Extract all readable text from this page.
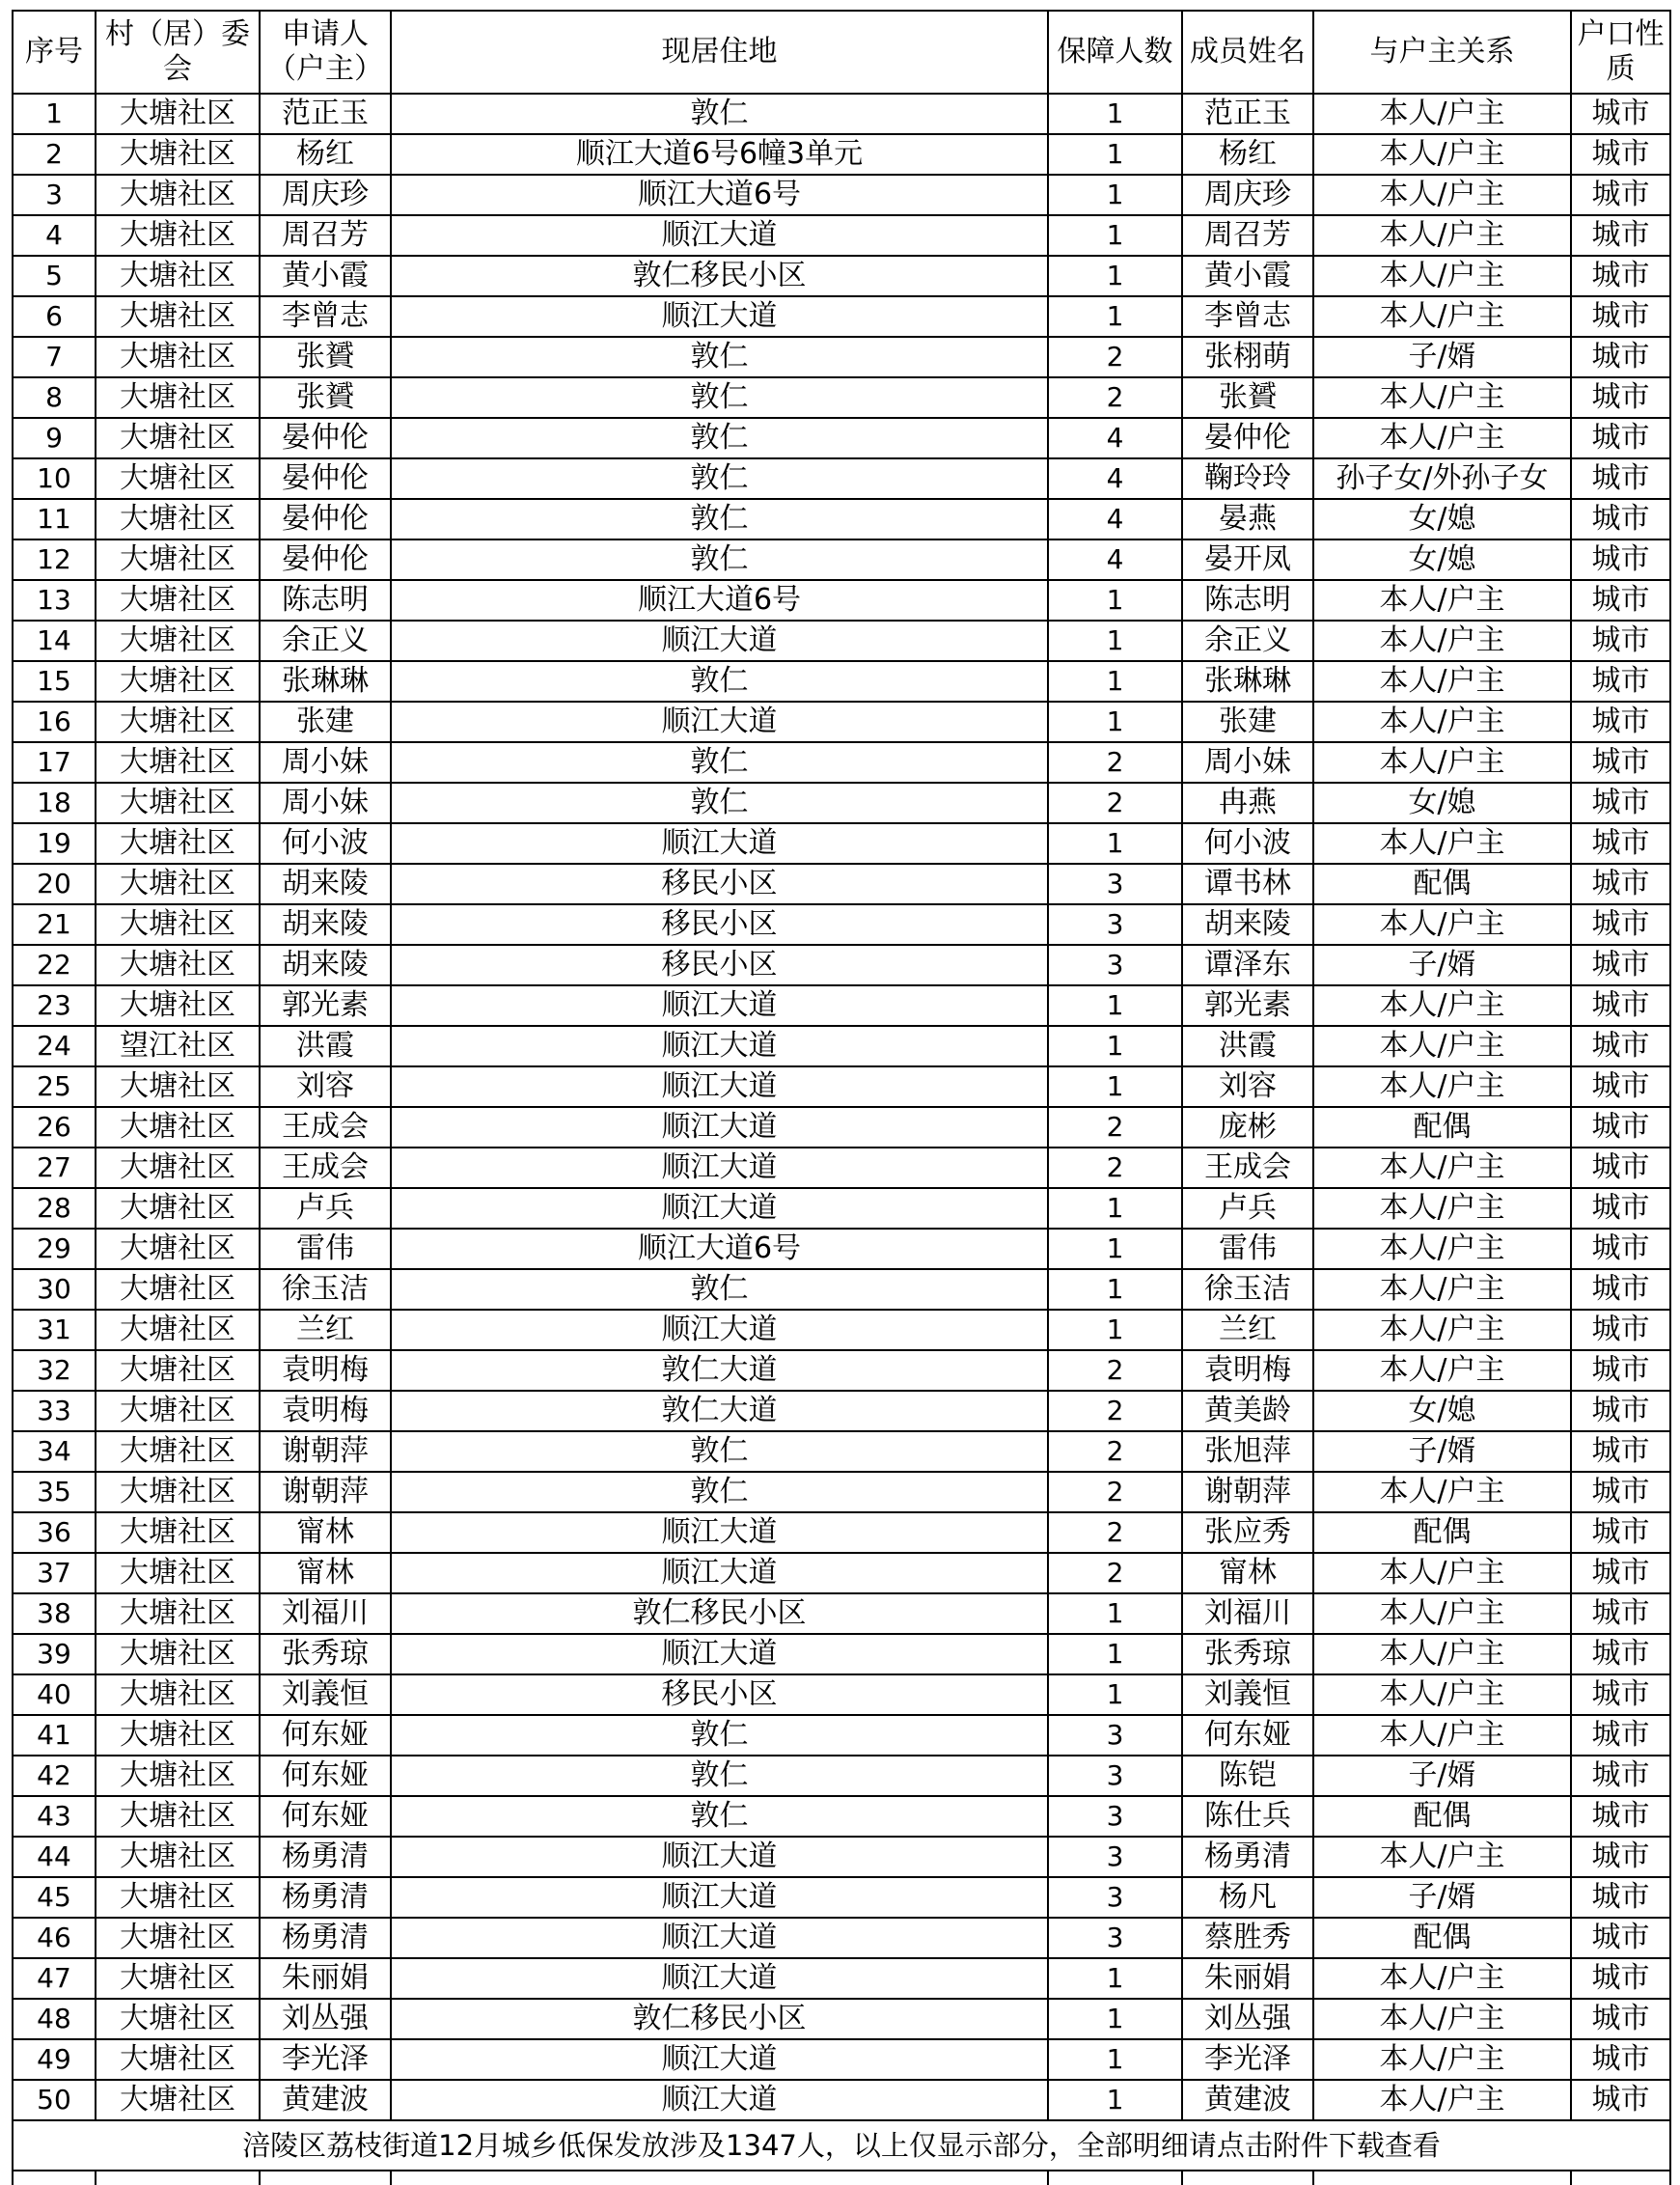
序号	村（居）委会	申请人（户主）	现居住地	保障人数	成员姓名	与户主关系	户口性质
1	大塘社区	范正玉	敦仁	1	范正玉	本人/户主	城市
2	大塘社区	杨红	顺江大道6号6幢3单元	1	杨红	本人/户主	城市
3	大塘社区	周庆珍	顺江大道6号	1	周庆珍	本人/户主	城市
4	大塘社区	周召芳	顺江大道	1	周召芳	本人/户主	城市
5	大塘社区	黄小霞	敦仁移民小区	1	黄小霞	本人/户主	城市
6	大塘社区	李曾志	顺江大道	1	李曾志	本人/户主	城市
7	大塘社区	张贇	敦仁	2	张栩萌	子/婿	城市
8	大塘社区	张贇	敦仁	2	张贇	本人/户主	城市
9	大塘社区	晏仲伦	敦仁	4	晏仲伦	本人/户主	城市
10	大塘社区	晏仲伦	敦仁	4	鞠玲玲	孙子女/外孙子女	城市
11	大塘社区	晏仲伦	敦仁	4	晏燕	女/媳	城市
12	大塘社区	晏仲伦	敦仁	4	晏开凤	女/媳	城市
13	大塘社区	陈志明	顺江大道6号	1	陈志明	本人/户主	城市
14	大塘社区	余正义	顺江大道	1	余正义	本人/户主	城市
15	大塘社区	张琳琳	敦仁	1	张琳琳	本人/户主	城市
16	大塘社区	张建	顺江大道	1	张建	本人/户主	城市
17	大塘社区	周小妹	敦仁	2	周小妹	本人/户主	城市
18	大塘社区	周小妹	敦仁	2	冉燕	女/媳	城市
19	大塘社区	何小波	顺江大道	1	何小波	本人/户主	城市
20	大塘社区	胡来陵	移民小区	3	谭书林	配偶	城市
21	大塘社区	胡来陵	移民小区	3	胡来陵	本人/户主	城市
22	大塘社区	胡来陵	移民小区	3	谭泽东	子/婿	城市
23	大塘社区	郭光素	顺江大道	1	郭光素	本人/户主	城市
24	望江社区	洪霞	顺江大道	1	洪霞	本人/户主	城市
25	大塘社区	刘容	顺江大道	1	刘容	本人/户主	城市
26	大塘社区	王成会	顺江大道	2	庞彬	配偶	城市
27	大塘社区	王成会	顺江大道	2	王成会	本人/户主	城市
28	大塘社区	卢兵	顺江大道	1	卢兵	本人/户主	城市
29	大塘社区	雷伟	顺江大道6号	1	雷伟	本人/户主	城市
30	大塘社区	徐玉洁	敦仁	1	徐玉洁	本人/户主	城市
31	大塘社区	兰红	顺江大道	1	兰红	本人/户主	城市
32	大塘社区	袁明梅	敦仁大道	2	袁明梅	本人/户主	城市
33	大塘社区	袁明梅	敦仁大道	2	黄美龄	女/媳	城市
34	大塘社区	谢朝萍	敦仁	2	张旭萍	子/婿	城市
35	大塘社区	谢朝萍	敦仁	2	谢朝萍	本人/户主	城市
36	大塘社区	甯林	顺江大道	2	张应秀	配偶	城市
37	大塘社区	甯林	顺江大道	2	甯林	本人/户主	城市
38	大塘社区	刘福川	敦仁移民小区	1	刘福川	本人/户主	城市
39	大塘社区	张秀琼	顺江大道	1	张秀琼	本人/户主	城市
40	大塘社区	刘義恒	移民小区	1	刘義恒	本人/户主	城市
41	大塘社区	何东娅	敦仁	3	何东娅	本人/户主	城市
42	大塘社区	何东娅	敦仁	3	陈铠	子/婿	城市
43	大塘社区	何东娅	敦仁	3	陈仕兵	配偶	城市
44	大塘社区	杨勇清	顺江大道	3	杨勇清	本人/户主	城市
45	大塘社区	杨勇清	顺江大道	3	杨凡	子/婿	城市
46	大塘社区	杨勇清	顺江大道	3	蔡胜秀	配偶	城市
47	大塘社区	朱丽娟	顺江大道	1	朱丽娟	本人/户主	城市
48	大塘社区	刘丛强	敦仁移民小区	1	刘丛强	本人/户主	城市
49	大塘社区	李光泽	顺江大道	1	李光泽	本人/户主	城市
50	大塘社区	黄建波	顺江大道	1	黄建波	本人/户主	城市
涪陵区荔枝街道12月城乡低保发放涉及1347人，以上仅显示部分，全部明细请点击附件下载查看							
